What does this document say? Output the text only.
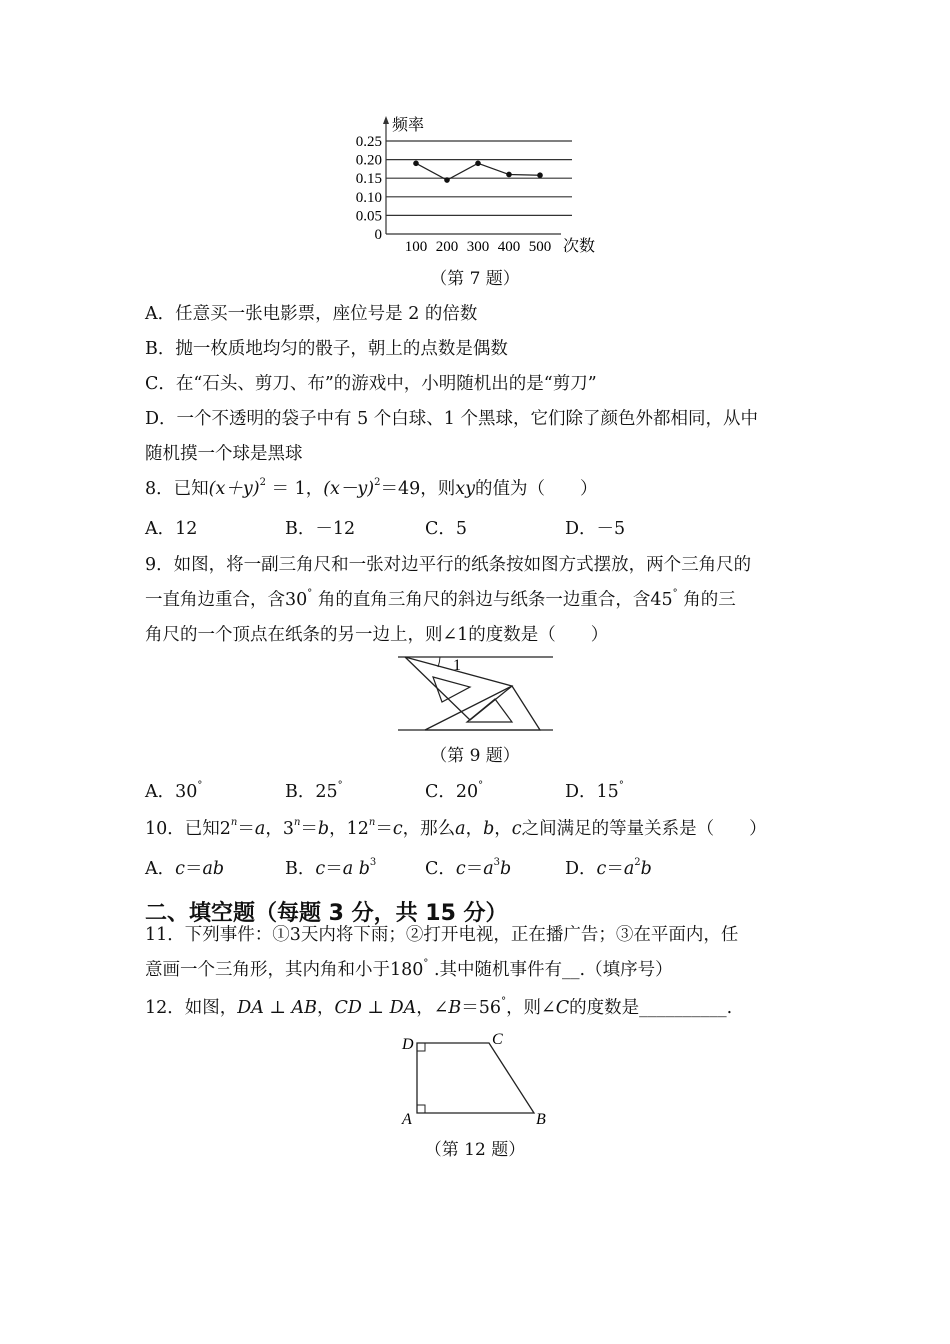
0.25
0.20
0.15
0.10
0.05
0
频率
次数
100 200 300 400 500
（第 7 题）
A．任意买一张电影票，座位号是 2 的倍数
B．抛一枚质地均匀的骰子，朝上的点数是偶数
C．在“石头、剪刀、布”的游戏中，小明随机出的是“剪刀”
D．一个不透明的袋子中有 5 个白球、1 个黑球，它们除了颜色外都相同，从中
随机摸一个球是黑球
8．已知$(x+y)^2 = 1$，$(x-y)^2=49$，则xy的值为（　　）
A．12	B．－12	C．5	D．－5
9．如图，将一副三角尺和一张对边平行的纸条按如图方式摆放，两个三角尺的
一直角边重合，含30° 角的直角三角尺的斜边与纸条一边重合，含45° 角的三
角尺的一个顶点在纸条的另一边上，则∠1的度数是（　　）
1
（第 9 题）
A．30°	B．25°	C．20°	D．15°
10．已知$2^n=a$，$3^n=b$，$12^n=c$，那么a，b，c之间满足的等量关系是（　　）
A．c＝ab	B．c＝a $b^3$	C．$c=a^3b$	D．$c=a^2b$
二、填空题（每题 3 分，共 15 分）
11．下列事件：①3天内将下雨；②打开电视，正在播广告；③在平面内，任
意画一个三角形，其内角和小于180° .其中随机事件有__.（填序号）
12．如图，DA ⊥ AB，CD ⊥ DA，∠B＝56°，则∠C的度数是__________.
D	C
A	B
（第 12 题）
